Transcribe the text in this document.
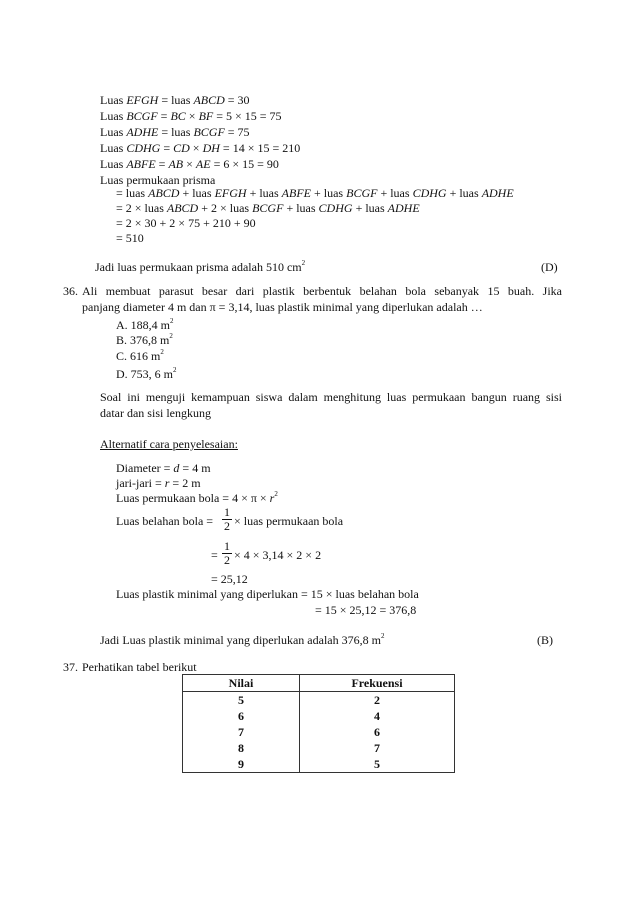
Luas EFGH = luas ABCD = 30
Luas BCGF = BC × BF = 5 × 15 = 75
Luas ADHE = luas BCGF = 75
Luas CDHG = CD × DH = 14 × 15 = 210
Luas ABFE = AB × AE = 6 × 15 = 90
Luas permukaan prisma
= luas ABCD + luas EFGH + luas ABFE + luas BCGF + luas CDHG + luas ADHE
= 2 × luas ABCD + 2 × luas BCGF + luas CDHG + luas ADHE
= 2 × 30 + 2 × 75 + 210 + 90
= 510
Jadi luas permukaan prisma adalah 510 $cm^2$	(D)
36. Ali membuat parasut besar dari plastik berbentuk belahan bola sebanyak 15 buah. Jika
panjang diameter 4 m dan π = 3,14, luas plastik minimal yang diperlukan adalah …
A. 188,4 $m^2$
B. 376,8 $m^2$
C. 616 $m^2$
D. 753, 6 $m^2$
Soal ini menguji kemampuan siswa dalam menghitung luas permukaan bangun ruang sisi
datar dan sisi lengkung
Alternatif cara penyelesaian:
Diameter = d = 4 m
jari-jari = r = 2 m
Luas permukaan bola = $4 \times \pi \times r^2$
Luas belahan bola =
1
2 × luas permukaan bola
=
1
2 × 4 × 3,14 × 2 × 2
= 25,12
Luas plastik minimal yang diperlukan = 15 × luas belahan bola
= 15 × 25,12 = 376,8
Jadi Luas plastik minimal yang diperlukan adalah 376,8 $m^2$	(B)
37. Perhatikan tabel berikut
Nilai	Frekuensi
5	2
6	4
7	6
8	7
9	5
